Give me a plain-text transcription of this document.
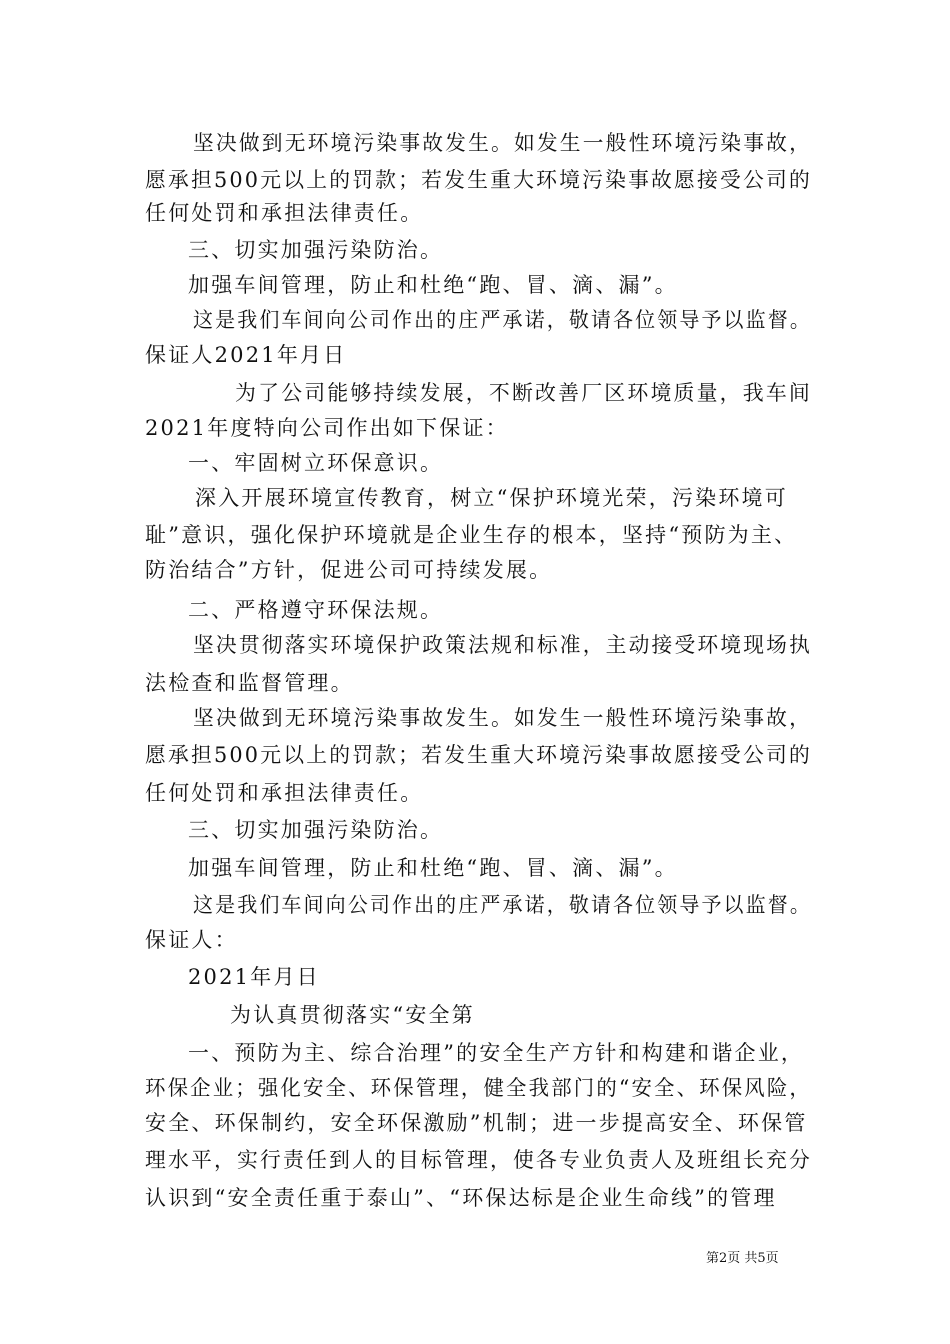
坚决做到无环境污染事故发生。如发生一般性环境污染事故，
愿承担500元以上的罚款；若发生重大环境污染事故愿接受公司的
任何处罚和承担法律责任。
三、切实加强污染防治。
加强车间管理，防止和杜绝“跑、冒、滴、漏”。
这是我们车间向公司作出的庄严承诺，敬请各位领导予以监督。
保证人2021年月日
为了公司能够持续发展，不断改善厂区环境质量，我车间
2021年度特向公司作出如下保证：
一、牢固树立环保意识。
深入开展环境宣传教育，树立“保护环境光荣，污染环境可
耻”意识，强化保护环境就是企业生存的根本，坚持“预防为主、
防治结合”方针，促进公司可持续发展。
二、严格遵守环保法规。
坚决贯彻落实环境保护政策法规和标准，主动接受环境现场执
法检查和监督管理。
坚决做到无环境污染事故发生。如发生一般性环境污染事故，
愿承担500元以上的罚款；若发生重大环境污染事故愿接受公司的
任何处罚和承担法律责任。
三、切实加强污染防治。
加强车间管理，防止和杜绝“跑、冒、滴、漏”。
这是我们车间向公司作出的庄严承诺，敬请各位领导予以监督。
保证人：
2021年月日
为认真贯彻落实“安全第
一、预防为主、综合治理”的安全生产方针和构建和谐企业，
环保企业；强化安全、环保管理，健全我部门的“安全、环保风险，
安全、环保制约，安全环保激励”机制；进一步提高安全、环保管
理水平，实行责任到人的目标管理，使各专业负责人及班组长充分
认识到“安全责任重于泰山”、“环保达标是企业生命线”的管理
第2页 共5页
